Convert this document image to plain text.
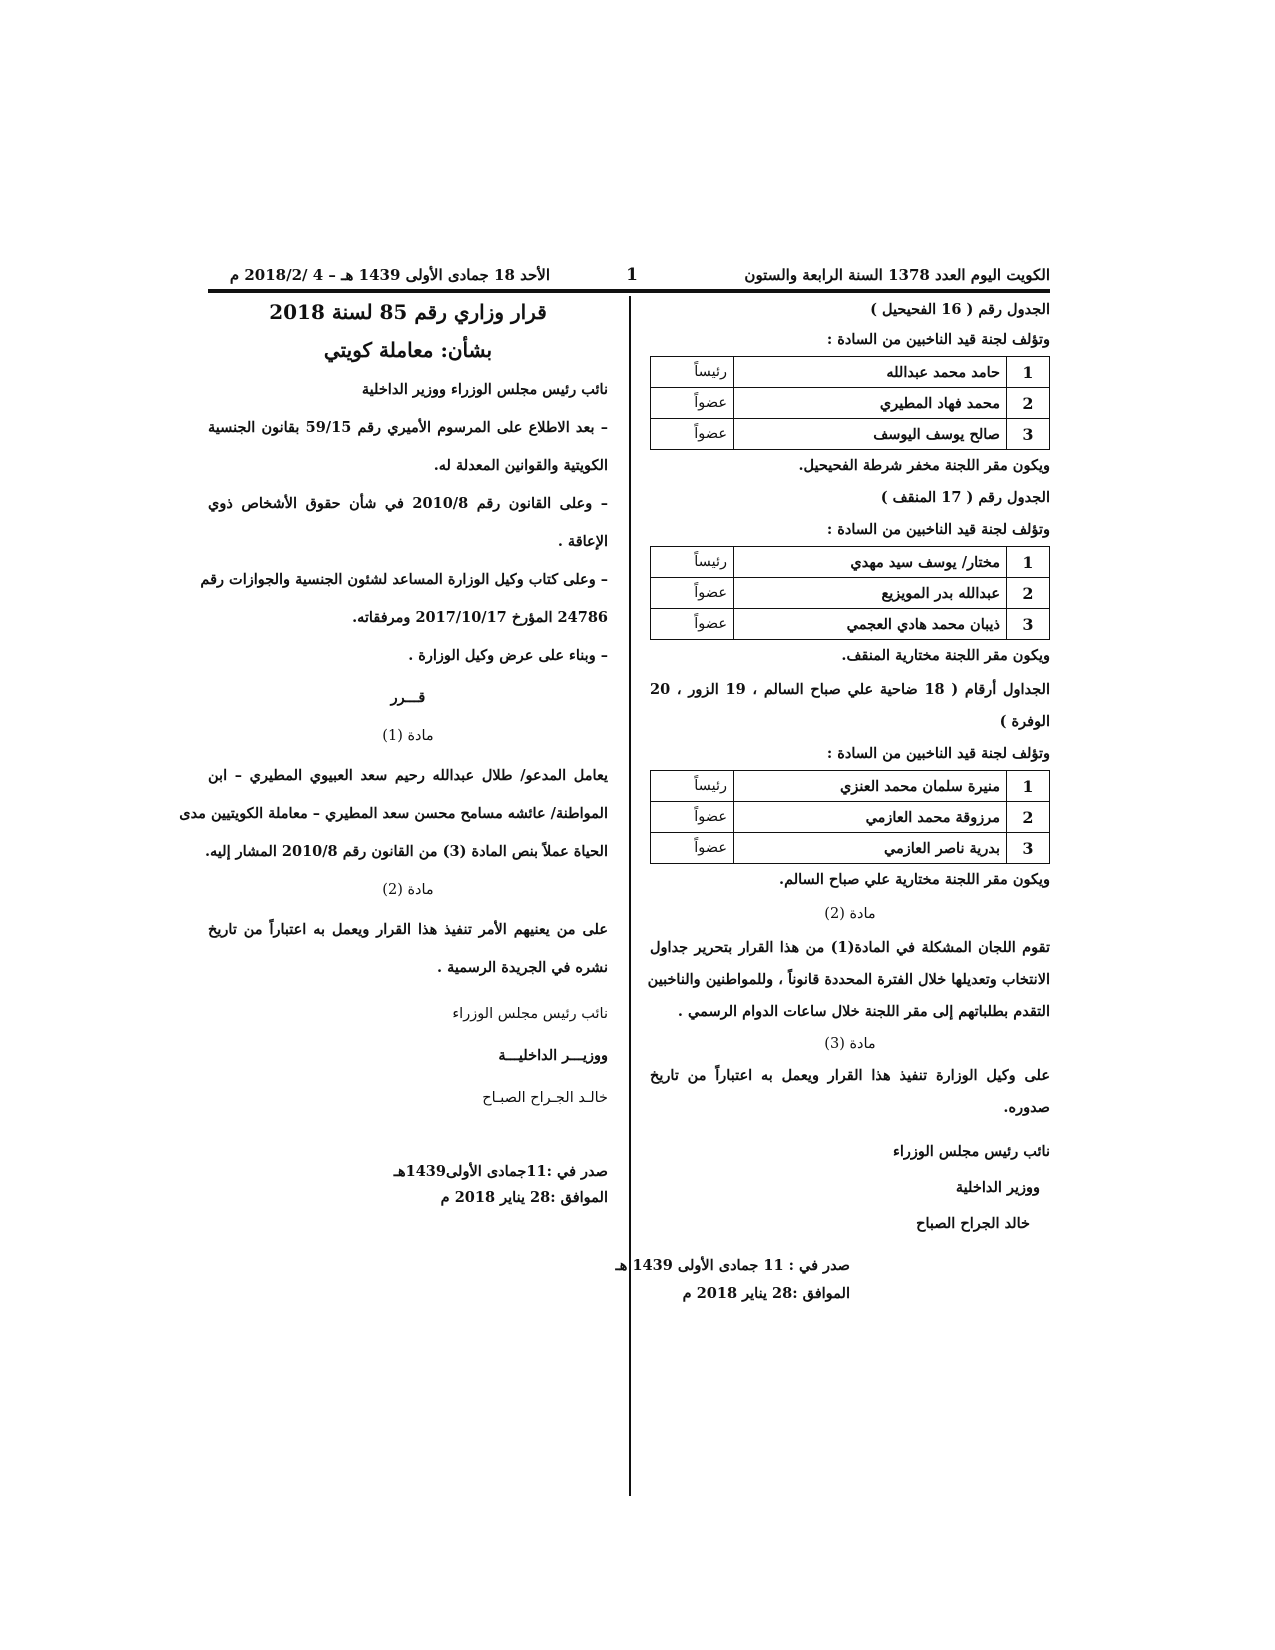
الكويت اليوم العدد 1378 السنة الرابعة والستون
1
الأحد 18 جمادى الأولى 1439 هـ – 4 /2018/2 م
الجدول رقم ( 16 الفحيحيل )
وتؤلف لجنة قيد الناخبين من السادة :
1	حامد محمد عبدالله	رئيساً
2	محمد فهاد المطيري	عضواً
3	صالح يوسف اليوسف	عضواً
ويكون مقر اللجنة مخفر شرطة الفحيحيل.
الجدول رقم ( 17 المنقف )
وتؤلف لجنة قيد الناخبين من السادة :
1	مختار/ يوسف سيد مهدي	رئيساً
2	عبدالله بدر المويزيع	عضواً
3	ذيبان محمد هادي العجمي	عضواً
ويكون مقر اللجنة مختارية المنقف.
الجداول أرقام ( 18 ضاحية علي صباح السالم ، 19 الزور ، 20
الوفرة )
وتؤلف لجنة قيد الناخبين من السادة :
1	منيرة سلمان محمد العنزي	رئيساً
2	مرزوقة محمد العازمي	عضواً
3	بدرية ناصر العازمي	عضواً
ويكون مقر اللجنة مختارية علي صباح السالم.
مادة (2)
تقوم اللجان المشكلة في المادة(1) من هذا القرار بتحرير جداول
الانتخاب وتعديلها خلال الفترة المحددة قانوناً ، وللمواطنين والناخبين
التقدم بطلباتهم إلى مقر اللجنة خلال ساعات الدوام الرسمي .
مادة (3)
على وكيل الوزارة تنفيذ هذا القرار ويعمل به اعتباراً من تاريخ
صدوره.
نائب رئيس مجلس الوزراء
ووزير الداخلية
خالد الجراح الصباح
صدر في : 11 جمادى الأولى 1439 هـ
الموافق :28 يناير 2018 م
قرار وزاري رقم 85 لسنة 2018
بشأن: معاملة كويتي
نائب رئيس مجلس الوزراء ووزير الداخلية
– بعد الاطلاع على المرسوم الأميري رقم 59/15 بقانون الجنسية
الكويتية والقوانين المعدلة له.
– وعلى القانون رقم 2010/8 في شأن حقوق الأشخاص ذوي
الإعاقة .
– وعلى كتاب وكيل الوزارة المساعد لشئون الجنسية والجوازات رقم
24786 المؤرخ 2017/10/17 ومرفقاته.
– وبناء على عرض وكيل الوزارة .
قـــرر
مادة (1)
يعامل المدعو/ طلال عبدالله رحيم سعد العبيوي المطيري – ابن
المواطنة/ عائشه مسامح محسن سعد المطيري – معاملة الكويتيين مدى
الحياة عملاً بنص المادة (3) من القانون رقم 2010/8 المشار إليه.
مادة (2)
على من يعنيهم الأمر تنفيذ هذا القرار ويعمل به اعتباراً من تاريخ
نشره في الجريدة الرسمية .
نائب رئيس مجلس الوزراء
ووزيـــر الداخليـــة
خالـد الجـراح الصبـاح
صدر في :11جمادى الأولى1439هـ
الموافق :28 يناير 2018 م
